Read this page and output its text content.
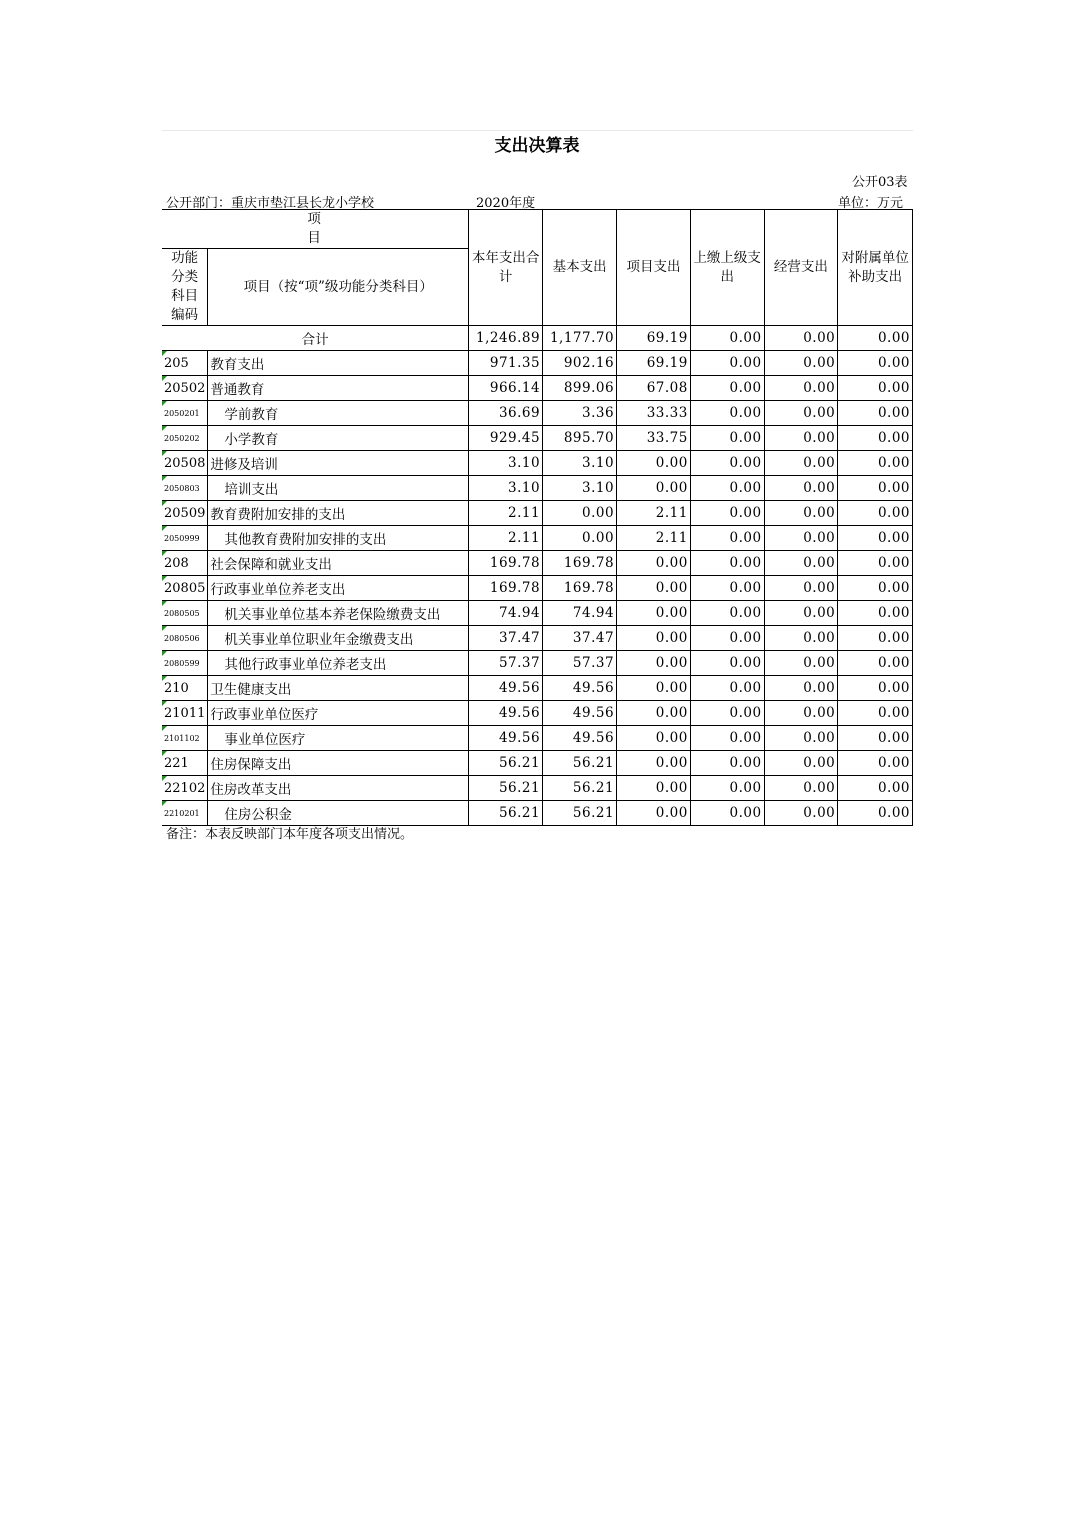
支出决算表
公开03表
公开部门：重庆市垫江县长龙小学校	2020年度	单位：万元
项目		本年支出合计	基本支出	项目支出	上缴上级支出	经营支出	对附属单位补助支出
功能分类科目编码	项目（按“项”级功能分类科目）						
合计		1,246.89	1,177.70	69.19	0.00	0.00	0.00
205	教育支出	971.35	902.16	69.19	0.00	0.00	0.00
20502	普通教育	966.14	899.06	67.08	0.00	0.00	0.00
2050201	学前教育	36.69	3.36	33.33	0.00	0.00	0.00
2050202	小学教育	929.45	895.70	33.75	0.00	0.00	0.00
20508	进修及培训	3.10	3.10	0.00	0.00	0.00	0.00
2050803	培训支出	3.10	3.10	0.00	0.00	0.00	0.00
20509	教育费附加安排的支出	2.11	0.00	2.11	0.00	0.00	0.00
2050999	其他教育费附加安排的支出	2.11	0.00	2.11	0.00	0.00	0.00
208	社会保障和就业支出	169.78	169.78	0.00	0.00	0.00	0.00
20805	行政事业单位养老支出	169.78	169.78	0.00	0.00	0.00	0.00
2080505	机关事业单位基本养老保险缴费支出	74.94	74.94	0.00	0.00	0.00	0.00
2080506	机关事业单位职业年金缴费支出	37.47	37.47	0.00	0.00	0.00	0.00
2080599	其他行政事业单位养老支出	57.37	57.37	0.00	0.00	0.00	0.00
210	卫生健康支出	49.56	49.56	0.00	0.00	0.00	0.00
21011	行政事业单位医疗	49.56	49.56	0.00	0.00	0.00	0.00
2101102	事业单位医疗	49.56	49.56	0.00	0.00	0.00	0.00
221	住房保障支出	56.21	56.21	0.00	0.00	0.00	0.00
22102	住房改革支出	56.21	56.21	0.00	0.00	0.00	0.00
2210201	住房公积金	56.21	56.21	0.00	0.00	0.00	0.00
备注：本表反映部门本年度各项支出情况。
